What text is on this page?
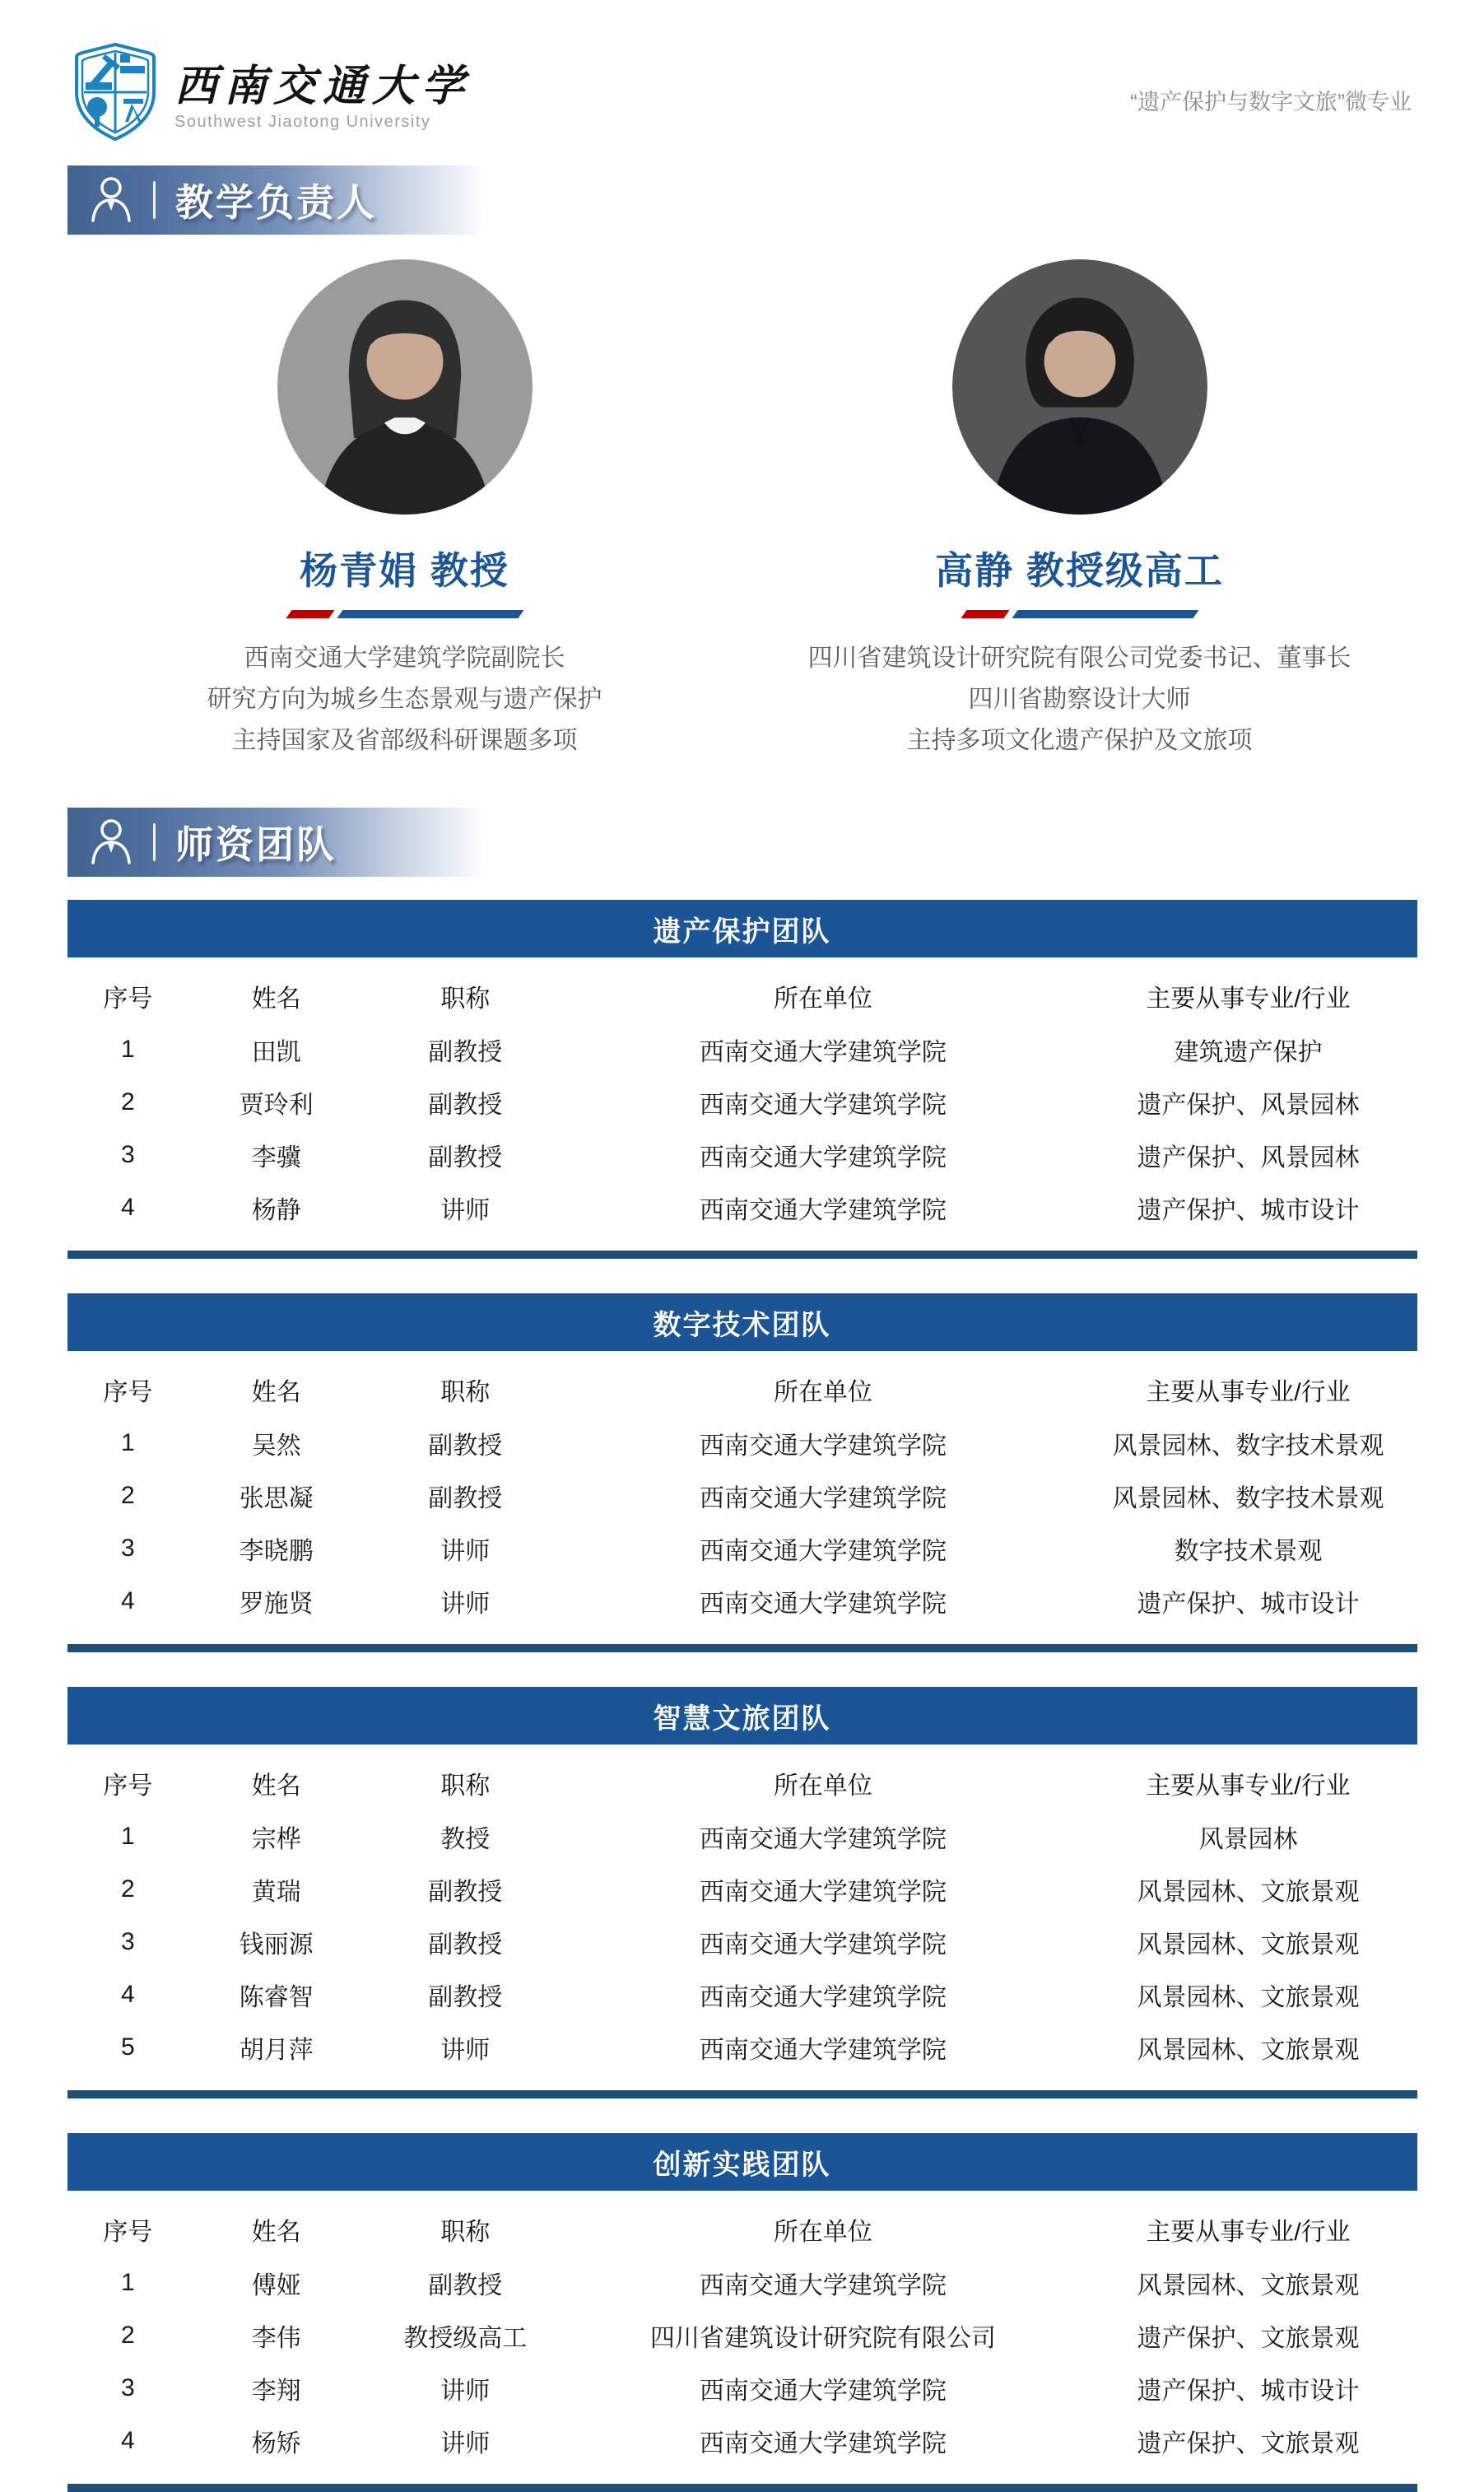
西南交通大学
Southwest Jiaotong University
“遗产保护与数字文旅”微专业
教学负责人
杨青娟 教授
西南交通大学建筑学院副院长
研究方向为城乡生态景观与遗产保护
主持国家及省部级科研课题多项
高静 教授级高工
四川省建筑设计研究院有限公司党委书记、董事长
四川省勘察设计大师
主持多项文化遗产保护及文旅项
师资团队
遗产保护团队
序号	姓名	职称	所在单位	主要从事专业/行业
1	田凯	副教授	西南交通大学建筑学院	建筑遗产保护
2	贾玲利	副教授	西南交通大学建筑学院	遗产保护、风景园林
3	李骥	副教授	西南交通大学建筑学院	遗产保护、风景园林
4	杨静	讲师	西南交通大学建筑学院	遗产保护、城市设计
数字技术团队
序号	姓名	职称	所在单位	主要从事专业/行业
1	吴然	副教授	西南交通大学建筑学院	风景园林、数字技术景观
2	张思凝	副教授	西南交通大学建筑学院	风景园林、数字技术景观
3	李晓鹏	讲师	西南交通大学建筑学院	数字技术景观
4	罗施贤	讲师	西南交通大学建筑学院	遗产保护、城市设计
智慧文旅团队
序号	姓名	职称	所在单位	主要从事专业/行业
1	宗桦	教授	西南交通大学建筑学院	风景园林
2	黄瑞	副教授	西南交通大学建筑学院	风景园林、文旅景观
3	钱丽源	副教授	西南交通大学建筑学院	风景园林、文旅景观
4	陈睿智	副教授	西南交通大学建筑学院	风景园林、文旅景观
5	胡月萍	讲师	西南交通大学建筑学院	风景园林、文旅景观
创新实践团队
序号	姓名	职称	所在单位	主要从事专业/行业
1	傅娅	副教授	西南交通大学建筑学院	风景园林、文旅景观
2	李伟	教授级高工	四川省建筑设计研究院有限公司	遗产保护、文旅景观
3	李翔	讲师	西南交通大学建筑学院	遗产保护、城市设计
4	杨矫	讲师	西南交通大学建筑学院	遗产保护、文旅景观
